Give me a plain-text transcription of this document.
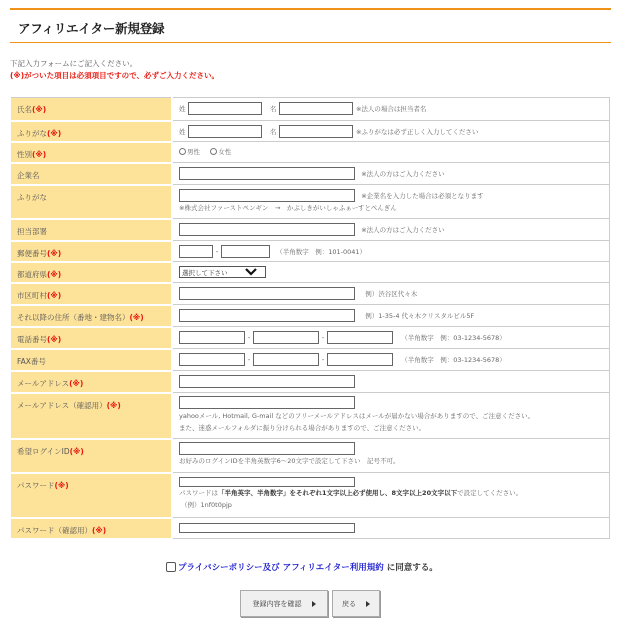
アフィリエイター新規登録
下記入力フォームにご記入ください。
(※)がついた項目は必須項目ですので、必ずご入力ください。
氏名(※)	姓 名 ※法人の場合は担当者名
ふりがな(※)	姓 名 ※ふりがなは必ず正しく入力してください
性別(※)	男性
女性

企業名	※法人の方はご入力ください
ふりがな	※企業名を入力した場合は必須となります
※株式会社ファーストペンギン　→　かぶしきがいしゃふぁーすとぺんぎん

担当部署	※法人の方はご入力ください
郵便番号(※)	- （半角数字　例：101-0041）
都道府県(※)	選択して下さい

市区町村(※)	例）渋谷区代々木
それ以降の住所（番地・建物名）(※)	例）1-35-4 代々木クリスタルビル5F
電話番号(※)	- - （半角数字　例：03-1234-5678）
FAX番号	- - （半角数字　例：03-1234-5678）
メールアドレス(※)	
メールアドレス（確認用）(※)	yahooメール, Hotmail, G-mail などのフリーメールアドレスはメールが届かない場合がありますので、ご注意ください。
また、迷惑メールフォルダに振り分けられる場合がありますので、ご注意ください。

希望ログインID(※)	お好みのログインIDを半角英数字6～20文字で設定して下さい　記号不可。

パスワード(※)	パスワードは「半角英字、半角数字」をそれぞれ1文字以上必ず使用し、8文字以上20文字以下で設定してください。
（例）1nf0t0pjp

パスワード（確認用）(※)	
プライバシーポリシー 及び アフィリエイター利用規約 に同意する。
登録内容を確認	戻る
